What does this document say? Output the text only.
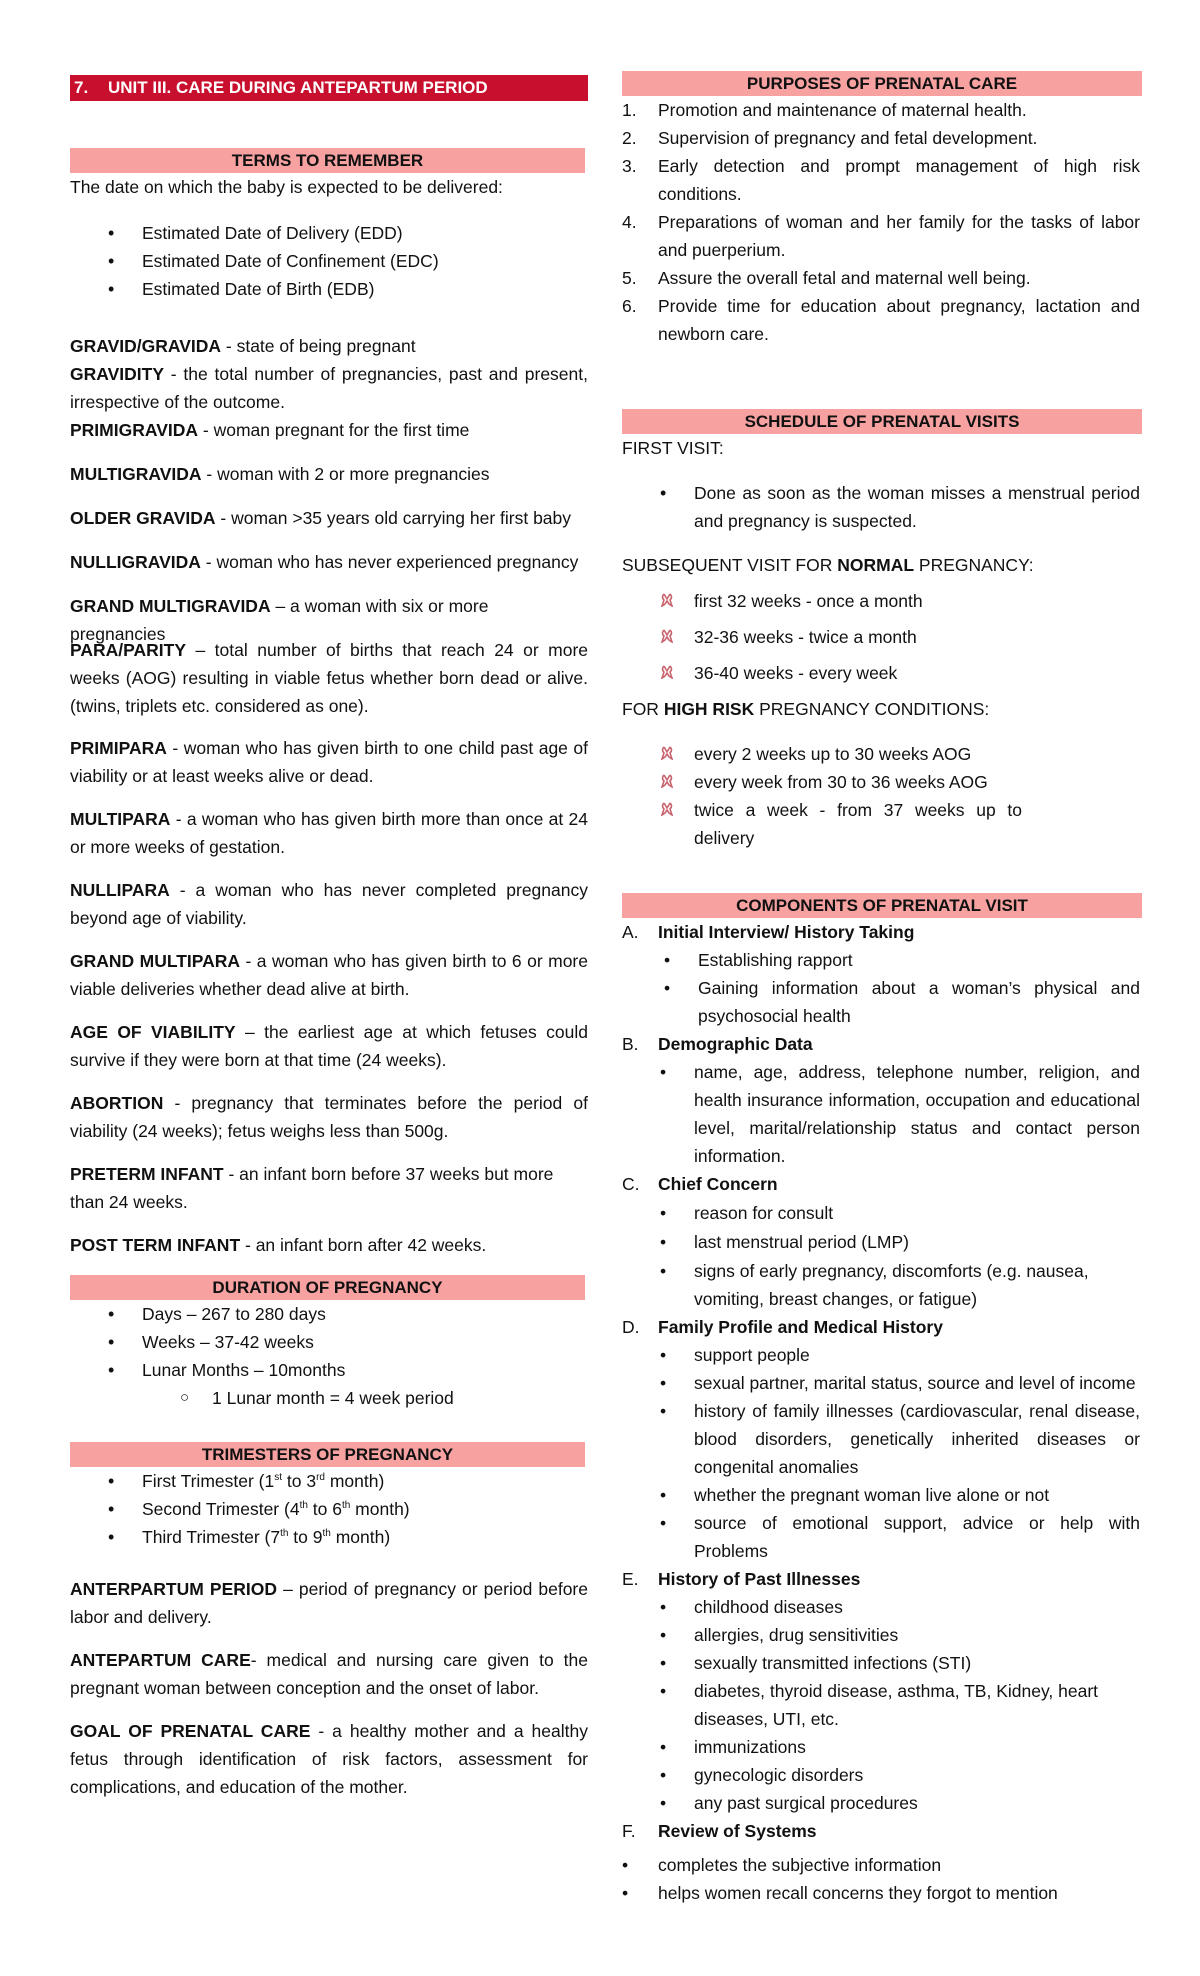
7. UNIT III. CARE DURING ANTEPARTUM PERIOD
TERMS TO REMEMBER
The date on which the baby is expected to be delivered:
• Estimated Date of Delivery (EDD)
• Estimated Date of Confinement (EDC)
• Estimated Date of Birth (EDB)
GRAVID/GRAVIDA - state of being pregnant
GRAVIDITY - the total number of pregnancies, past and present, irrespective of the outcome.
PRIMIGRAVIDA - woman pregnant for the first time
MULTIGRAVIDA - woman with 2 or more pregnancies
OLDER GRAVIDA - woman >35 years old carrying her first baby
NULLIGRAVIDA - woman who has never experienced pregnancy
GRAND MULTIGRAVIDA – a woman with six or more pregnancies
PARA/PARITY – total number of births that reach 24 or more weeks (AOG) resulting in viable fetus whether born dead or alive. (twins, triplets etc. considered as one).
PRIMIPARA - woman who has given birth to one child past age of viability or at least weeks alive or dead.
MULTIPARA - a woman who has given birth more than once at 24 or more weeks of gestation.
NULLIPARA - a woman who has never completed pregnancy beyond age of viability.
GRAND MULTIPARA - a woman who has given birth to 6 or more viable deliveries whether dead alive at birth.
AGE OF VIABILITY – the earliest age at which fetuses could survive if they were born at that time (24 weeks).
ABORTION - pregnancy that terminates before the period of viability (24 weeks); fetus weighs less than 500g.
PRETERM INFANT - an infant born before 37 weeks but more than 24 weeks.
POST TERM INFANT - an infant born after 42 weeks.
DURATION OF PREGNANCY
• Days – 267 to 280 days
• Weeks – 37-42 weeks
• Lunar Months – 10months
○ 1 Lunar month = 4 week period
TRIMESTERS OF PREGNANCY
• First Trimester (1st to 3rd month)
• Second Trimester (4th to 6th month)
• Third Trimester (7th to 9th month)
ANTERPARTUM PERIOD – period of pregnancy or period before labor and delivery.
ANTEPARTUM CARE- medical and nursing care given to the pregnant woman between conception and the onset of labor.
GOAL OF PRENATAL CARE - a healthy mother and a healthy fetus through identification of risk factors, assessment for complications, and education of the mother.
PURPOSES OF PRENATAL CARE
1. Promotion and maintenance of maternal health.
2. Supervision of pregnancy and fetal development.
3. Early detection and prompt management of high risk conditions.
4. Preparations of woman and her family for the tasks of labor and puerperium.
5. Assure the overall fetal and maternal well being.
6. Provide time for education about pregnancy, lactation and newborn care.
SCHEDULE OF PRENATAL VISITS
FIRST VISIT:
• Done as soon as the woman misses a menstrual period and pregnancy is suspected.
SUBSEQUENT VISIT FOR NORMAL PREGNANCY:
first 32 weeks - once a month
32-36 weeks - twice a month
36-40 weeks - every week
FOR HIGH RISK PREGNANCY CONDITIONS:
every 2 weeks up to 30 weeks AOG
every week from 30 to 36 weeks AOG
twice a week - from 37 weeks up to delivery
COMPONENTS OF PRENATAL VISIT
A. Initial Interview/ History Taking
• Establishing rapport
• Gaining information about a woman’s physical and psychosocial health
B. Demographic Data
• name, age, address, telephone number, religion, and health insurance information, occupation and educational level, marital/relationship status and contact person information.
C. Chief Concern
• reason for consult
• last menstrual period (LMP)
• signs of early pregnancy, discomforts (e.g. nausea, vomiting, breast changes, or fatigue)
D. Family Profile and Medical History
• support people
• sexual partner, marital status, source and level of income
• history of family illnesses (cardiovascular, renal disease, blood disorders, genetically inherited diseases or congenital anomalies
• whether the pregnant woman live alone or not
• source of emotional support, advice or help with Problems
E. History of Past Illnesses
• childhood diseases
• allergies, drug sensitivities
• sexually transmitted infections (STI)
• diabetes, thyroid disease, asthma, TB, Kidney, heart diseases, UTI, etc.
• immunizations
• gynecologic disorders
• any past surgical procedures
F. Review of Systems
• completes the subjective information
• helps women recall concerns they forgot to mention
